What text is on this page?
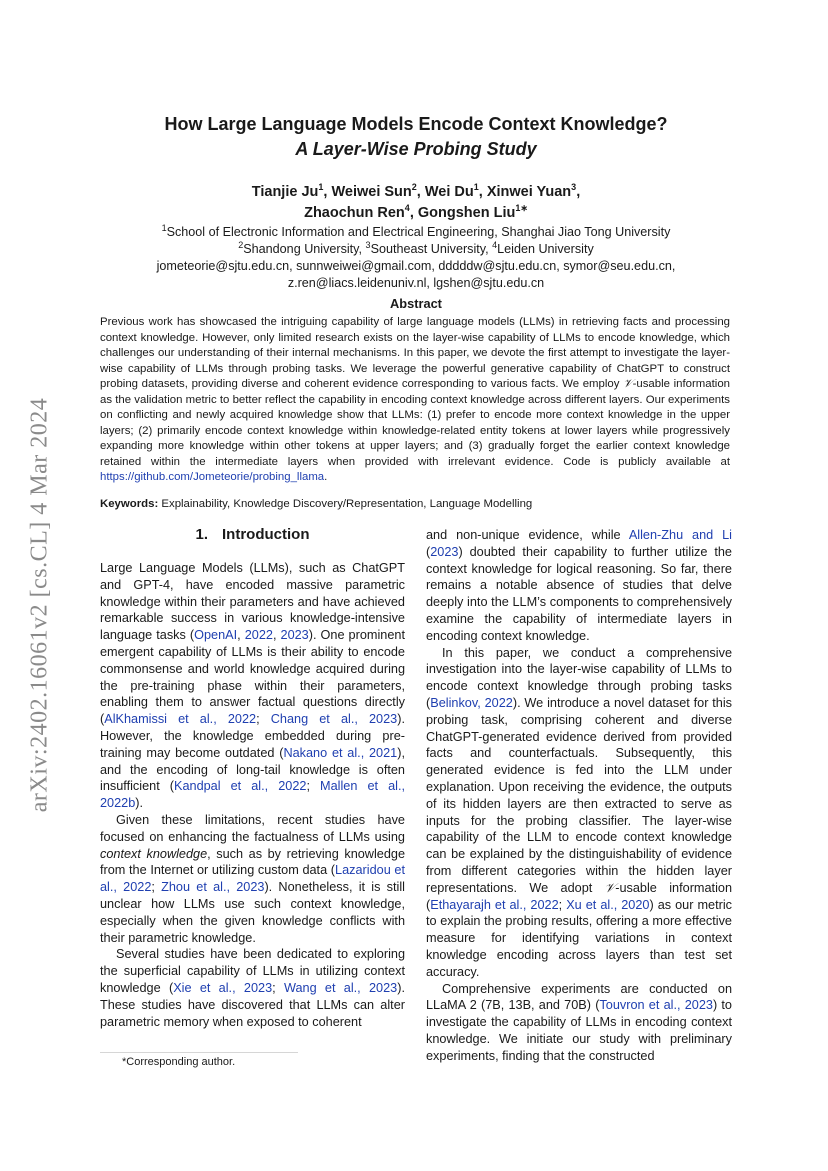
arXiv:2402.16061v2 [cs.CL] 4 Mar 2024

How Large Language Models Encode Context Knowledge?

A Layer-Wise Probing Study

Tianjie Ju$^1$, Weiwei Sun$^2$, Wei Du$^1$, Xinwei Yuan$^3$,
Zhaochun Ren$^4$, Gongshen Liu$^{1∗}$
$^1$School of Electronic Information and Electrical Engineering, Shanghai Jiao Tong University
$^2$Shandong University, $^3$Southeast University, $^4$Leiden University
jometeorie@sjtu.edu.cn, sunnweiwei@gmail.com, dddddw@sjtu.edu.cn, symor@seu.edu.cn,
z.ren@liacs.leidenuniv.nl, lgshen@sjtu.edu.cn
Abstract

Previous work has showcased the intriguing capability of large language models (LLMs) in retrieving facts and processing context knowledge. However, only limited research exists on the layer-wise capability of LLMs to encode knowledge, which challenges our understanding of their internal mechanisms. In this paper, we devote the first attempt to investigate the layer-wise capability of LLMs through probing tasks. We leverage the powerful generative capability of ChatGPT to construct probing datasets, providing diverse and coherent evidence corresponding to various facts. We employ 𝒱-usable information as the validation metric to better reflect the capability in encoding context knowledge across different layers. Our experiments on conflicting and newly acquired knowledge show that LLMs: (1) prefer to encode more context knowledge in the upper layers; (2) primarily encode context knowledge within knowledge-related entity tokens at lower layers while progressively expanding more knowledge within other tokens at upper layers; and (3) gradually forget the earlier context knowledge retained within the intermediate layers when provided with irrelevant evidence. Code is publicly available at https://github.com/Jometeorie/probing_llama.

Keywords: Explainability, Knowledge Discovery/Representation, Language Modelling
1. Introduction

Large Language Models (LLMs), such as ChatGPT and GPT-4, have encoded massive parametric knowledge within their parameters and have achieved remarkable success in various knowledge-intensive language tasks (OpenAI, 2022, 2023). One prominent emergent capability of LLMs is their ability to encode commonsense and world knowledge acquired during the pre-training phase within their parameters, enabling them to answer factual questions directly (AlKhamissi et al., 2022; Chang et al., 2023). However, the knowledge embedded during pre-training may become outdated (Nakano et al., 2021), and the encoding of long-tail knowledge is often insufficient (Kandpal et al., 2022; Mallen et al., 2022b).

Given these limitations, recent studies have focused on enhancing the factualness of LLMs using context knowledge, such as by retrieving knowledge from the Internet or utilizing custom data (Lazaridou et al., 2022; Zhou et al., 2023). Nonetheless, it is still unclear how LLMs use such context knowledge, especially when the given knowledge conflicts with their parametric knowledge.

Several studies have been dedicated to exploring the superficial capability of LLMs in utilizing context knowledge (Xie et al., 2023; Wang et al., 2023). These studies have discovered that LLMs can alter parametric memory when exposed to coherent

and non-unique evidence, while Allen-Zhu and Li (2023) doubted their capability to further utilize the context knowledge for logical reasoning. So far, there remains a notable absence of studies that delve deeply into the LLM’s components to comprehensively examine the capability of intermediate layers in encoding context knowledge.

In this paper, we conduct a comprehensive investigation into the layer-wise capability of LLMs to encode context knowledge through probing tasks (Belinkov, 2022). We introduce a novel dataset for this probing task, comprising coherent and diverse ChatGPT-generated evidence derived from provided facts and counterfactuals. Subsequently, this generated evidence is fed into the LLM under explanation. Upon receiving the evidence, the outputs of its hidden layers are then extracted to serve as inputs for the probing classifier. The layer-wise capability of the LLM to encode context knowledge can be explained by the distinguishability of evidence from different categories within the hidden layer representations. We adopt 𝒱-usable information (Ethayarajh et al., 2022; Xu et al., 2020) as our metric to explain the probing results, offering a more effective measure for identifying variations in context knowledge encoding across layers than test set accuracy.

Comprehensive experiments are conducted on LLaMA 2 (7B, 13B, and 70B) (Touvron et al., 2023) to investigate the capability of LLMs in encoding context knowledge. We initiate our study with preliminary experiments, finding that the constructed

*Corresponding author.
